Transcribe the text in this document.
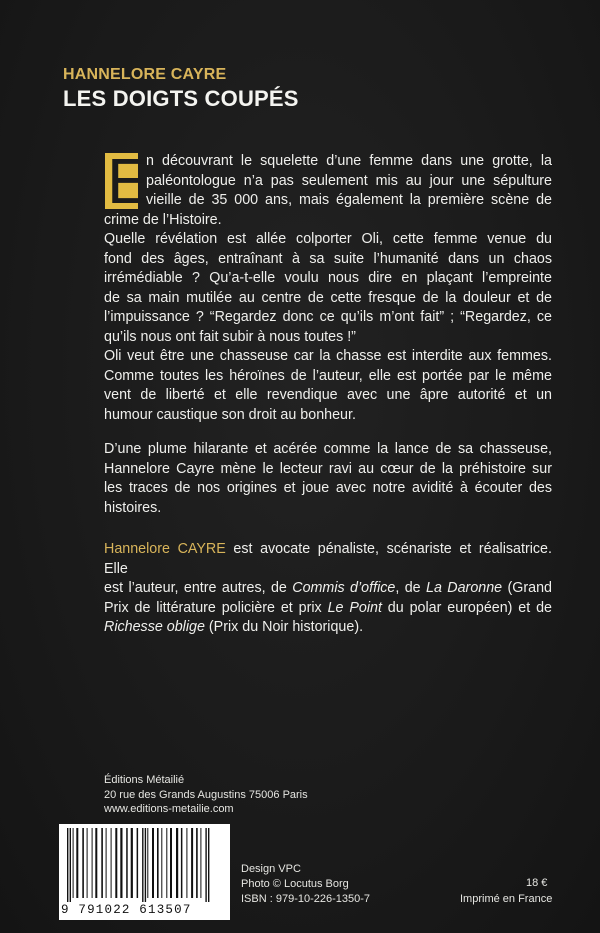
HANNELORE CAYRE
LES DOIGTS COUPÉS
E
n découvrant le squelette d’une femme dans une grotte, la
paléontologue n’a pas seulement mis au jour une sépulture
vieille de 35 000 ans, mais également la première scène de
crime de l’Histoire.
Quelle révélation est allée colporter Oli, cette femme venue du
fond des âges, entraînant à sa suite l’humanité dans un chaos
irrémédiable ? Qu’a-t-elle voulu nous dire en plaçant l’empreinte
de sa main mutilée au centre de cette fresque de la douleur et de
l’impuissance ? “Regardez donc ce qu’ils m’ont fait” ; “Regardez, ce
qu’ils nous ont fait subir à nous toutes !”
Oli veut être une chasseuse car la chasse est interdite aux femmes.
Comme toutes les héroïnes de l’auteur, elle est portée par le même
vent de liberté et elle revendique avec une âpre autorité et un
humour caustique son droit au bonheur.
D’une plume hilarante et acérée comme la lance de sa chasseuse,
Hannelore Cayre mène le lecteur ravi au cœur de la préhistoire sur
les traces de nos origines et joue avec notre avidité à écouter des
histoires.
Hannelore CAYRE est avocate pénaliste, scénariste et réalisatrice. Elle
est l’auteur, entre autres, de Commis d’office, de La Daronne (Grand
Prix de littérature policière et prix Le Point du polar européen) et de
Richesse oblige (Prix du Noir historique).
Éditions Métailié
20 rue des Grands Augustins 75006 Paris
www.editions-metailie.com
9 791022 613507
Design VPC
Photo © Locutus Borg
ISBN : 979-10-226-1350-7
18 €
Imprimé en France
